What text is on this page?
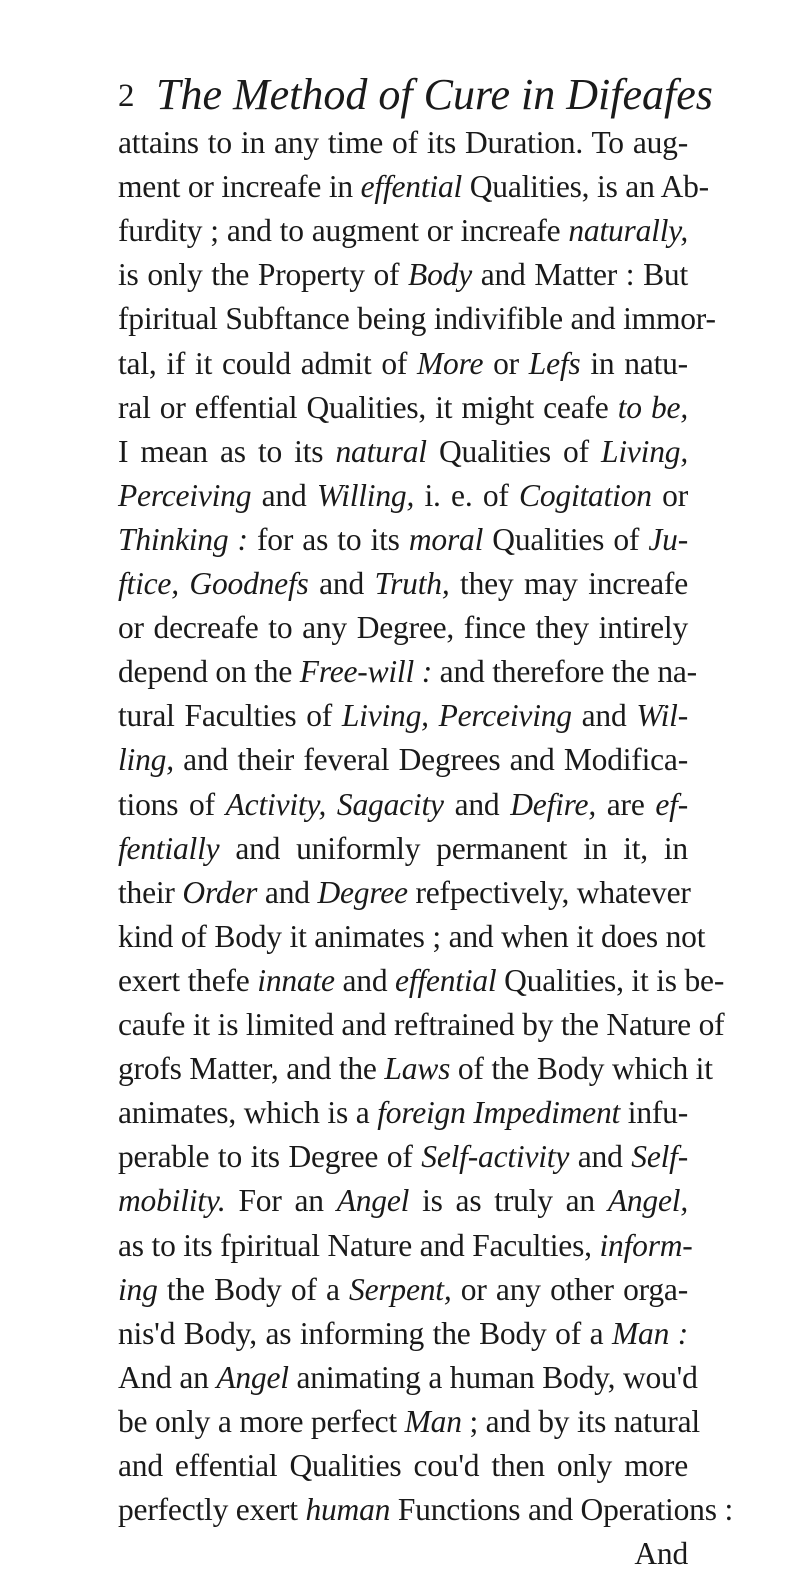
2 The Method of Cure in Difeafes
attains to in any time of its Duration. To aug-
ment or increafe in effential Qualities, is an Ab-
furdity ; and to augment or increafe naturally,
is only the Property of Body and Matter : But
fpiritual Subftance being indivifible and immor-
tal, if it could admit of More or Lefs in natu-
ral or effential Qualities, it might ceafe to be,
I mean as to its natural Qualities of Living,
Perceiving and Willing, i. e. of Cogitation or
Thinking : for as to its moral Qualities of Ju-
ftice, Goodnefs and Truth, they may increafe
or decreafe to any Degree, fince they intirely
depend on the Free-will : and therefore the na-
tural Faculties of Living, Perceiving and Wil-
ling, and their feveral Degrees and Modifica-
tions of Activity, Sagacity and Defire, are ef-
fentially and uniformly permanent in it, in
their Order and Degree refpectively, whatever
kind of Body it animates ; and when it does not
exert thefe innate and effential Qualities, it is be-
caufe it is limited and reftrained by the Nature of
grofs Matter, and the Laws of the Body which it
animates, which is a foreign Impediment infu-
perable to its Degree of Self-activity and Self-
mobility. For an Angel is as truly an Angel,
as to its fpiritual Nature and Faculties, inform-
ing the Body of a Serpent, or any other orga-
nis'd Body, as informing the Body of a Man :
And an Angel animating a human Body, wou'd
be only a more perfect Man ; and by its natural
and effential Qualities cou'd then only more
perfectly exert human Functions and Operations :
And
